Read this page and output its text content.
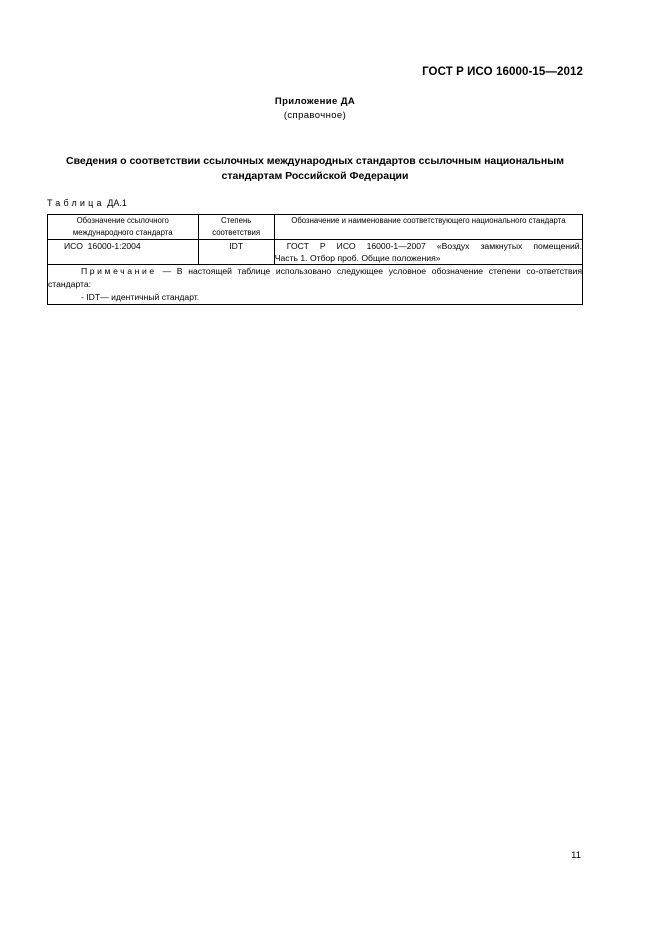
ГОСТ Р ИСО 16000-15—2012
Приложение ДА
(справочное)
Сведения о соответствии ссылочных международных стандартов ссылочным национальным стандартам Российской Федерации
Таблица ДА.1
Обозначение ссылочного международного стандарта	Степень соответствия	Обозначение и наименование соответствующего национального стандарта
ИСО  16000-1:2004	IDT	ГОСТ Р ИСО 16000-1—2007 «Воздух замкнутых помещений.
Часть 1. Отбор проб. Общие положения»

Примечание — В настоящей таблице использовано следующее условное обозначение степени со-ответствия стандарта:
- IDT— идентичный стандарт.		
11
